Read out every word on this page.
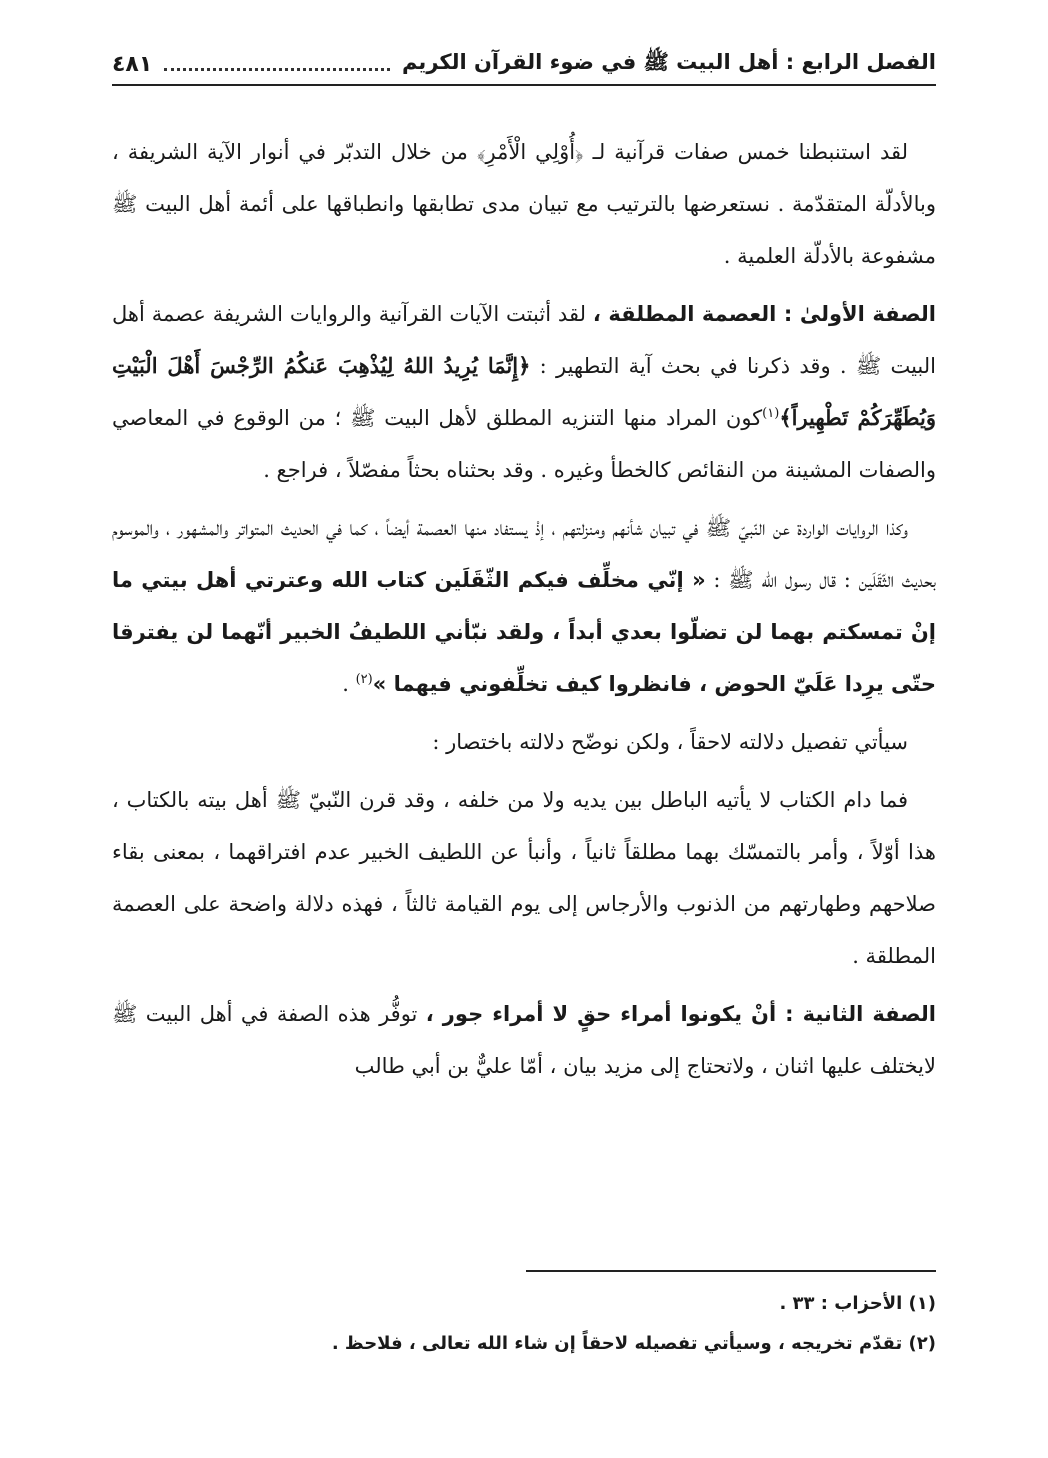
الفصل الرابع : أهل البيت ﷺ في ضوء القرآن الكريم
٤٨١

لقد استنبطنا خمس صفات قرآنية لـ ﴿أُوْلِي الْأَمْرِ﴾ من خلال التدبّر في أنوار الآية الشريفة ، وبالأدلّة المتقدّمة . نستعرضها بالترتيب مع تبيان مدى تطابقها وانطباقها على أئمة أهل البيت ﷺ مشفوعة بالأدلّة العلمية .

الصفة الأولىٰ : العصمة المطلقة ، لقد أثبتت الآيات القرآنية والروايات الشريفة عصمة أهل البيت ﷺ . وقد ذكرنا في بحث آية التطهير : ﴿إِنَّمَا يُرِيدُ اللهُ لِيُذْهِبَ عَنكُمُ الرِّجْسَ أَهْلَ الْبَيْتِ وَيُطَهِّرَكُمْ تَطْهِيراً﴾$^{(١)}$كون المراد منها التنزيه المطلق لأهل البيت ﷺ ؛ من الوقوع في المعاصي والصفات المشينة من النقائص كالخطأ وغيره . وقد بحثناه بحثاً مفصّلاً ، فراجع .

وكذا الروايات الواردة عن النّبيّ ﷺ في تبيان شأنهم ومنزلتهم ، إذْ يستفاد منها العصمة أيضاً ، كما في الحديث المتواتر والمشهور ، والموسوم بحديث الثّقَلَين : قال رسول الله ﷺ : « إنّي مخلِّف فيكم الثّقَلَين كتاب الله وعترتي أهل بيتي ما إنْ تمسكتم بهما لن تضلّوا بعدي أبداً ، ولقد نبّأني اللطيفُ الخبير أنّهما لن يفترقا حتّى يرِدا عَلَيّ الحوض ، فانظروا كيف تخلِّفوني فيهما »$^{(٢)}$ .

سيأتي تفصيل دلالته لاحقاً ، ولكن نوضّح دلالته باختصار :

فما دام الكتاب لا يأتيه الباطل بين يديه ولا من خلفه ، وقد قرن النّبيّ ﷺ أهل بيته بالكتاب ، هذا أوّلاً ، وأمر بالتمسّك بهما مطلقاً ثانياً ، وأنبأ عن اللطيف الخبير عدم افتراقهما ، بمعنى بقاء صلاحهم وطهارتهم من الذنوب والأرجاس إلى يوم القيامة ثالثاً ، فهذه دلالة واضحة على العصمة المطلقة .

الصفة الثانية : أنْ يكونوا أمراء حقٍ لا أمراء جور ، توفُّر هذه الصفة في أهل البيت ﷺ لايختلف عليها اثنان ، ولاتحتاج إلى مزيد بيان ، أمّا عليٌّ بن أبي طالب

(١) الأحزاب : ٣٣ .
(٢) تقدّم تخريجه ، وسيأتي تفصيله لاحقاً إن شاء الله تعالى ، فلاحظ .
